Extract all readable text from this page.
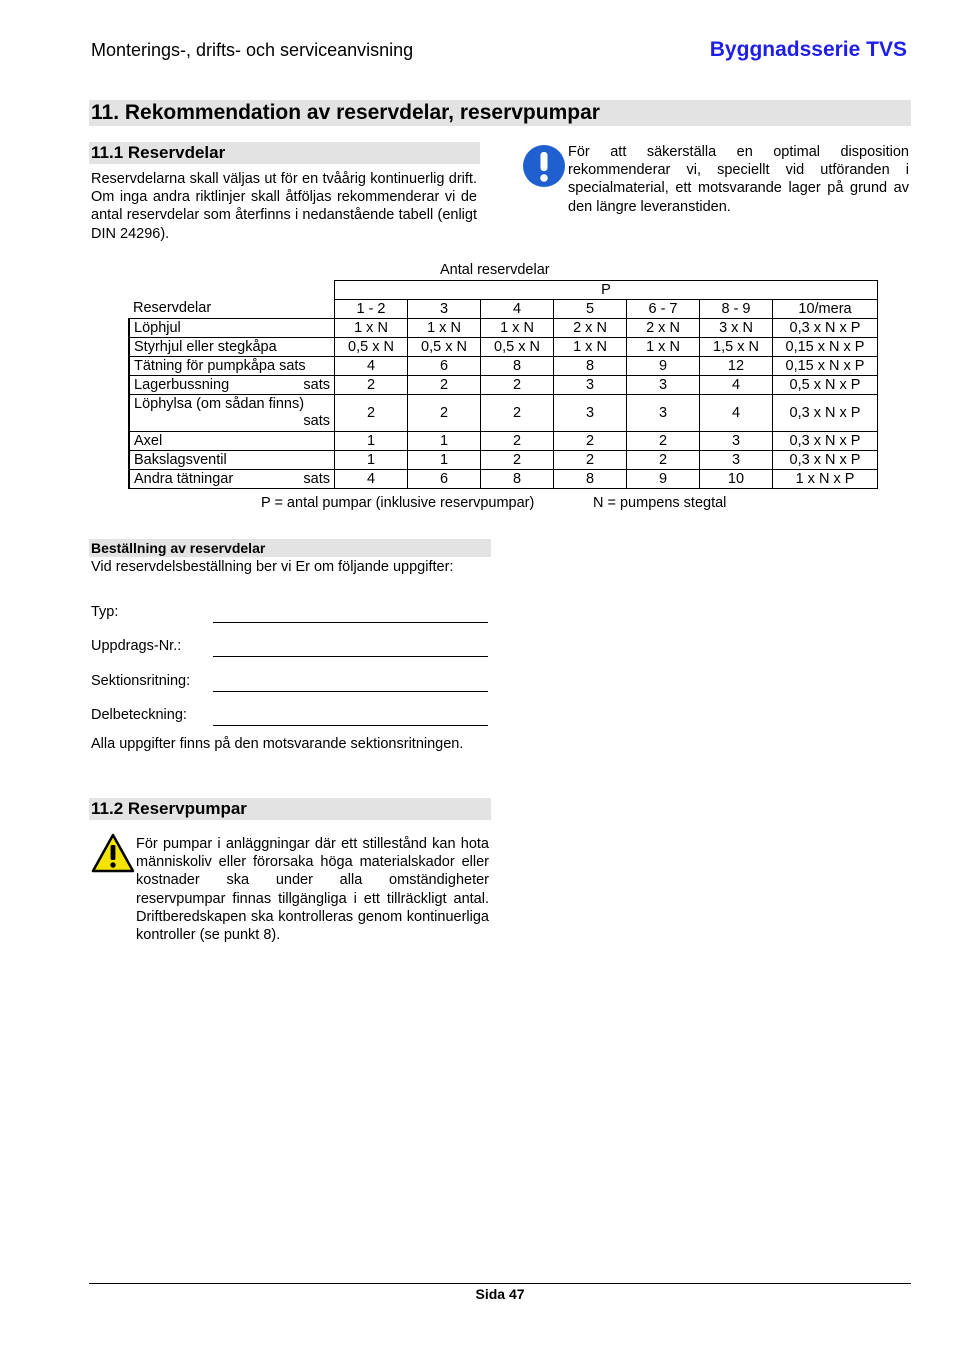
Monterings-, drifts- och serviceanvisning	Byggnadsserie TVS
11. Rekommendation av reservdelar, reservpumpar
11.1 Reservdelar
Reservdelarna skall väljas ut för en tvåårig kontinuerlig drift. Om inga andra riktlinjer skall åtföljas rekommenderar vi de antal reservdelar som återfinns i nedanstående tabell (enligt DIN 24296).
För att säkerställa en optimal disposition rekommenderar vi, speciellt vid utföranden i specialmaterial, ett motsvarande lager på grund av den längre leveranstiden.
Antal reservdelar
	P						
Reservdelar	1 - 2	3	4	5	6 - 7	8 - 9	10/mera
Löphjul	1 x N	1 x N	1 x N	2 x N	2 x N	3 x N	0,3 x N x P
Styrhjul eller stegkåpa	0,5 x N	0,5 x N	0,5 x N	1 x N	1 x N	1,5 x N	0,15 x N x P
Tätning för pumpkåpa sats	4	6	8	8	9	12	0,15 x N x P
Lagerbussning sats	2	2	2	3	3	4	0,5 x N x P
Löphylsa (om sådan finns)
sats	2	2	2	3	3	4	0,3 x N x P
Axel	1	1	2	2	2	3	0,3 x N x P
Bakslagsventil	1	1	2	2	2	3	0,3 x N x P
Andra tätningar sats	4	6	8	8	9	10	1 x N x P
P = antal pumpar (inklusive reservpumpar)	N = pumpens stegtal
Beställning av reservdelar
Vid reservdelsbeställning ber vi Er om följande uppgifter:
Typ:
Uppdrags-Nr.:
Sektionsritning:
Delbeteckning:
Alla uppgifter finns på den motsvarande sektionsritningen.
11.2 Reservpumpar
För pumpar i anläggningar där ett stillestånd kan hota människoliv eller förorsaka höga materialskador eller kostnader ska under alla omständigheter reservpumpar finnas tillgängliga i ett tillräckligt antal. Driftberedskapen ska kontrolleras genom kontinuerliga kontroller (se punkt 8).
Sida 47
